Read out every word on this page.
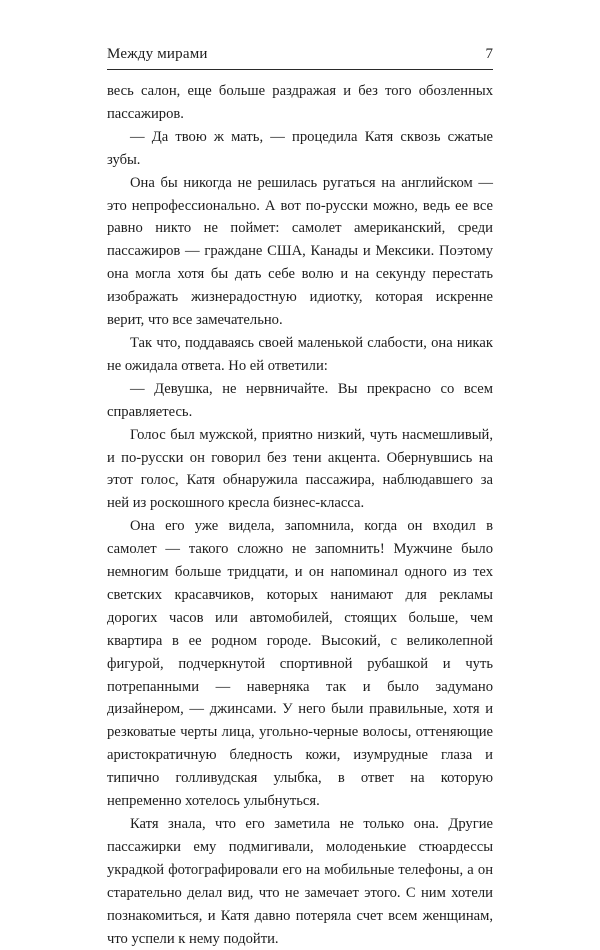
Между мирами	7

весь салон, еще больше раздражая и без того обозленных пассажиров.

— Да твою ж мать, — процедила Катя сквозь сжатые зубы.

Она бы никогда не решилась ругаться на английском — это непрофессионально. А вот по-русски можно, ведь ее все равно никто не поймет: самолет американский, среди пассажиров — граждане США, Канады и Мексики. Поэтому она могла хотя бы дать себе волю и на секунду перестать изображать жизнерадостную идиотку, которая искренне верит, что все замечательно.

Так что, поддаваясь своей маленькой слабости, она никак не ожидала ответа. Но ей ответили:

— Девушка, не нервничайте. Вы прекрасно со всем справляетесь.

Голос был мужской, приятно низкий, чуть насмешливый, и по-русски он говорил без тени акцента. Обернувшись на этот голос, Катя обнаружила пассажира, наблюдавшего за ней из роскошного кресла бизнес-класса.

Она его уже видела, запомнила, когда он входил в самолет — такого сложно не запомнить! Мужчине было немногим больше тридцати, и он напоминал одного из тех светских красавчиков, которых нанимают для рекламы дорогих часов или автомобилей, стоящих больше, чем квартира в ее родном городе. Высокий, с великолепной фигурой, подчеркнутой спортивной рубашкой и чуть потрепанными — наверняка так и было задумано дизайнером, — джинсами. У него были правильные, хотя и резковатые черты лица, угольно-черные волосы, оттеняющие аристократичную бледность кожи, изумрудные глаза и типично голливудская улыбка, в ответ на которую непременно хотелось улыбнуться.

Катя знала, что его заметила не только она. Другие пассажирки ему подмигивали, молоденькие стюардессы украдкой фотографировали его на мобильные телефоны, а он старательно делал вид, что не замечает этого. С ним хотели познакомиться, и Катя давно потеряла счет всем женщинам, что успели к нему подойти.
